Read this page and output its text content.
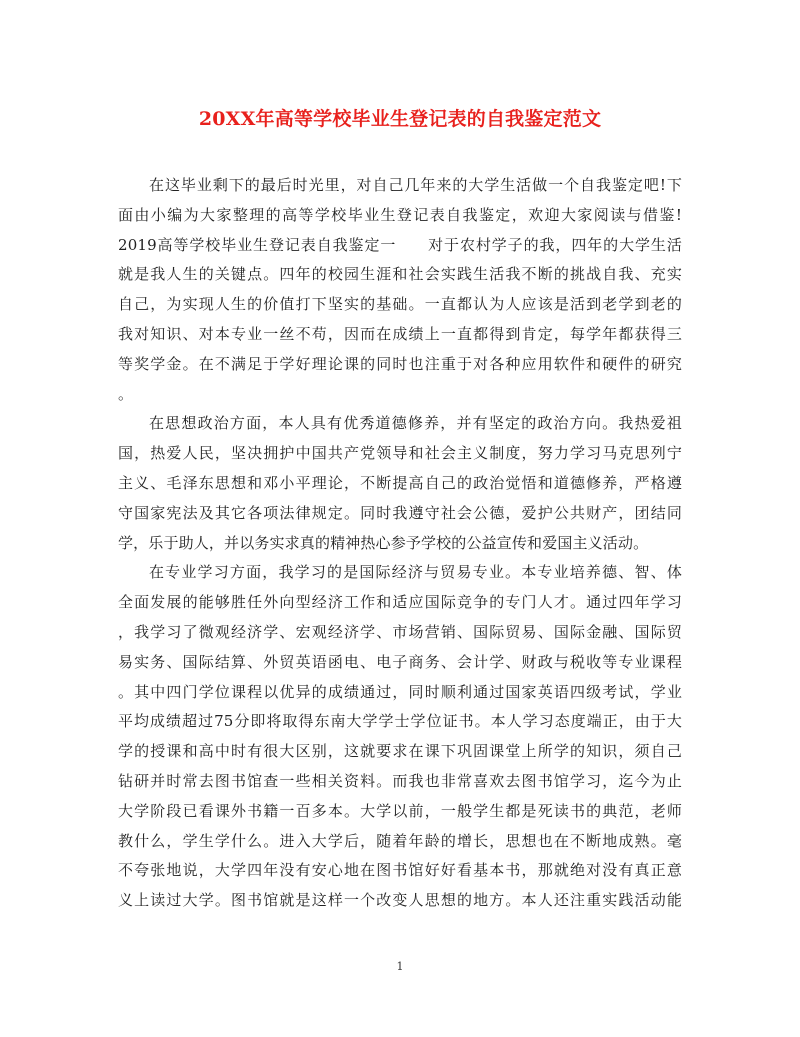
20XX年高等学校毕业生登记表的自我鉴定范文
在这毕业剩下的最后时光里，对自己几年来的大学生活做一个自我鉴定吧!下
面由小编为大家整理的高等学校毕业生登记表自我鉴定，欢迎大家阅读与借鉴!
2019高等学校毕业生登记表自我鉴定一　　对于农村学子的我，四年的大学生活
就是我人生的关键点。四年的校园生涯和社会实践生活我不断的挑战自我、充实
自己，为实现人生的价值打下坚实的基础。一直都认为人应该是活到老学到老的
我对知识、对本专业一丝不苟，因而在成绩上一直都得到肯定，每学年都获得三
等奖学金。在不满足于学好理论课的同时也注重于对各种应用软件和硬件的研究
。
在思想政治方面，本人具有优秀道德修养，并有坚定的政治方向。我热爱祖
国，热爱人民，坚决拥护中国共产党领导和社会主义制度，努力学习马克思列宁
主义、毛泽东思想和邓小平理论，不断提高自己的政治觉悟和道德修养，严格遵
守国家宪法及其它各项法律规定。同时我遵守社会公德，爱护公共财产，团结同
学，乐于助人，并以务实求真的精神热心参予学校的公益宣传和爱国主义活动。
在专业学习方面，我学习的是国际经济与贸易专业。本专业培养德、智、体
全面发展的能够胜任外向型经济工作和适应国际竞争的专门人才。通过四年学习
，我学习了微观经济学、宏观经济学、市场营销、国际贸易、国际金融、国际贸
易实务、国际结算、外贸英语函电、电子商务、会计学、财政与税收等专业课程
。其中四门学位课程以优异的成绩通过，同时顺利通过国家英语四级考试，学业
平均成绩超过75分即将取得东南大学学士学位证书。本人学习态度端正，由于大
学的授课和高中时有很大区别，这就要求在课下巩固课堂上所学的知识，须自己
钻研并时常去图书馆查一些相关资料。而我也非常喜欢去图书馆学习，迄今为止
大学阶段已看课外书籍一百多本。大学以前，一般学生都是死读书的典范，老师
教什么，学生学什么。进入大学后，随着年龄的增长，思想也在不断地成熟。毫
不夸张地说，大学四年没有安心地在图书馆好好看基本书，那就绝对没有真正意
义上读过大学。图书馆就是这样一个改变人思想的地方。本人还注重实践活动能
1
